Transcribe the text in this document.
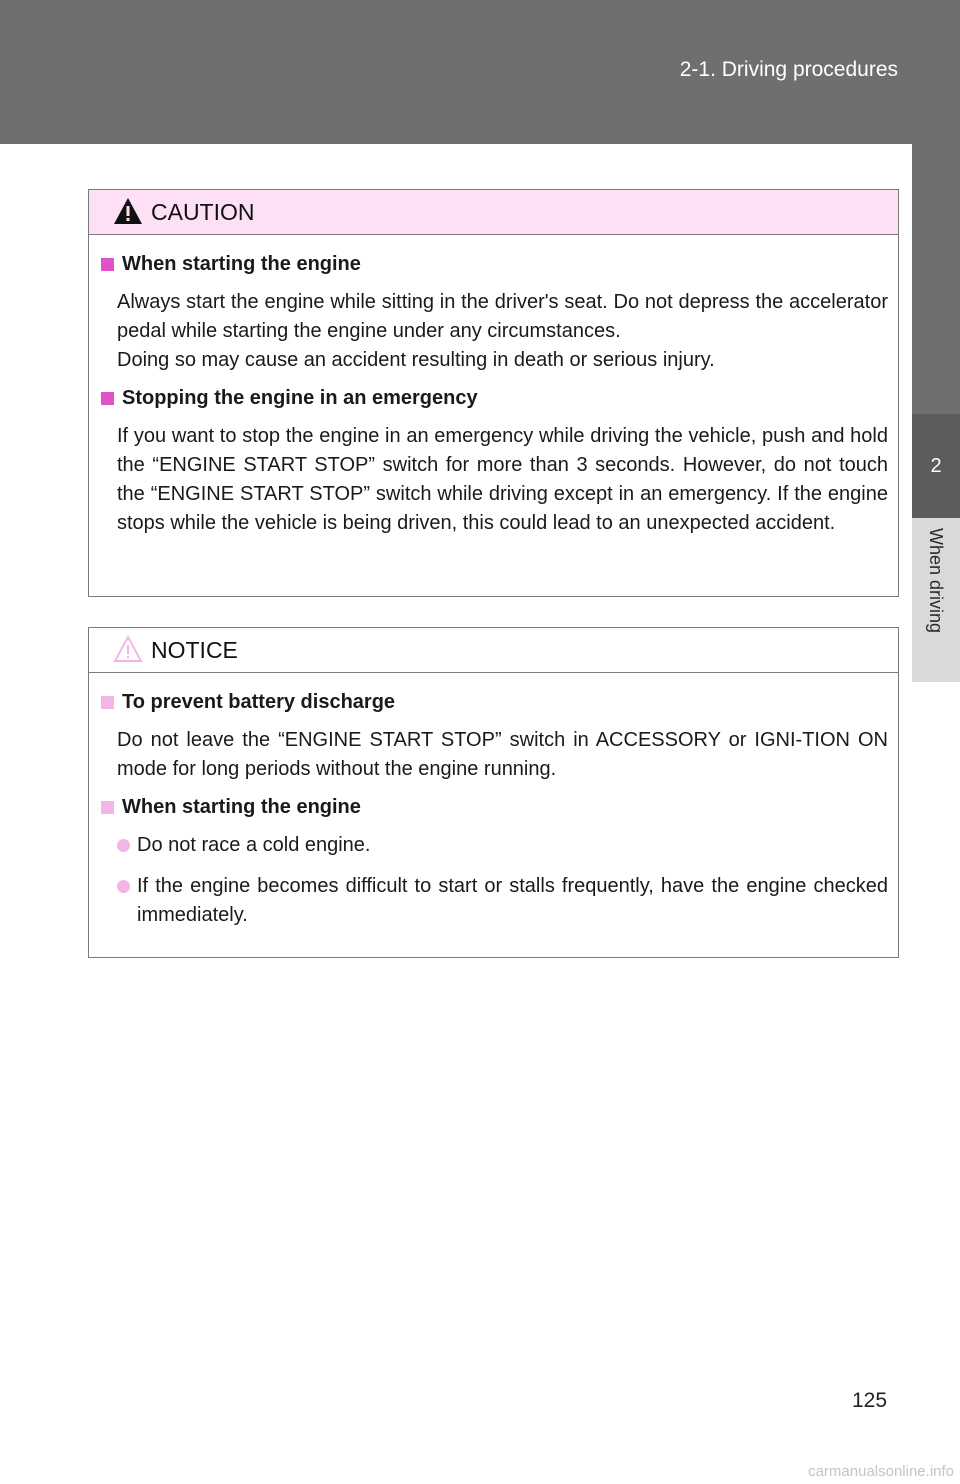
2-1. Driving procedures
2
When driving
CAUTION
When starting the engine
Always start the engine while sitting in the driver's seat. Do not depress the accelerator pedal while starting the engine under any circumstances.
Doing so may cause an accident resulting in death or serious injury.
Stopping the engine in an emergency
If you want to stop the engine in an emergency while driving the vehicle, push and hold the “ENGINE START STOP” switch for more than 3 seconds. However, do not touch the “ENGINE START STOP” switch while driving except in an emergency. If the engine stops while the vehicle is being driven, this could lead to an unexpected accident.
NOTICE
To prevent battery discharge
Do not leave the “ENGINE START STOP” switch in ACCESSORY or IGNI-TION ON mode for long periods without the engine running.
When starting the engine
Do not race a cold engine.
If the engine becomes difficult to start or stalls frequently, have the engine checked immediately.
125
carmanualsonline.info
